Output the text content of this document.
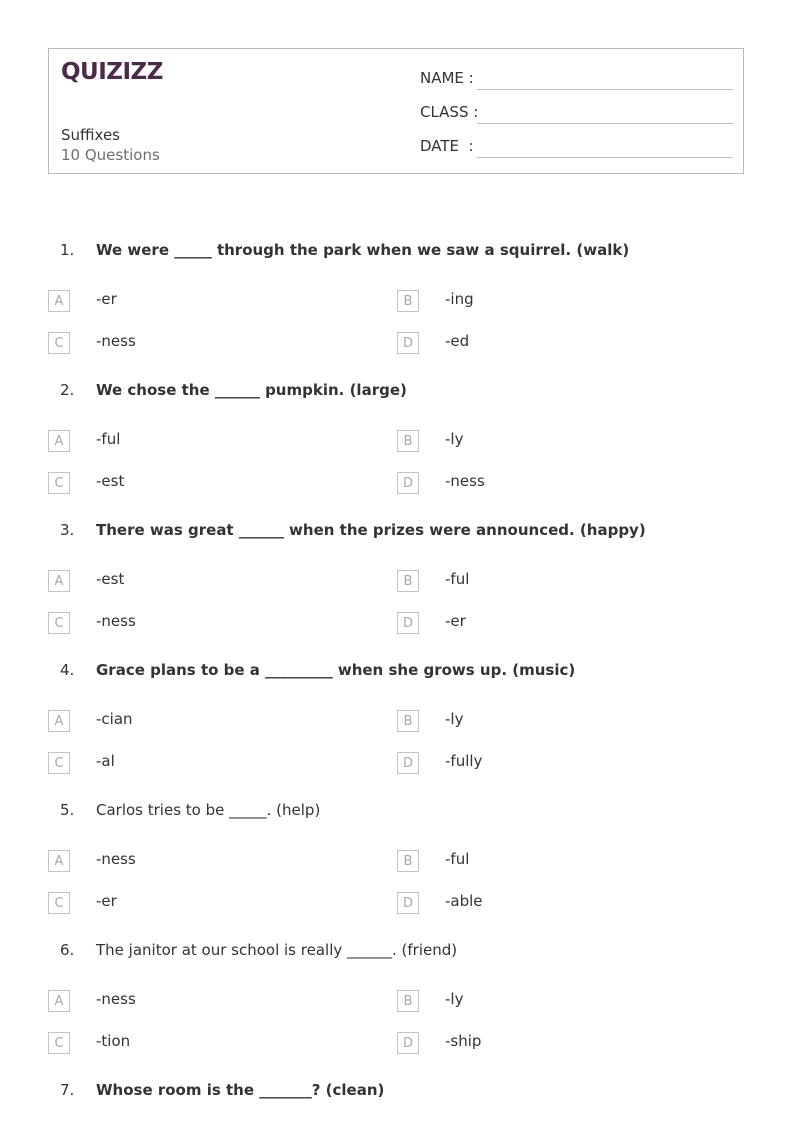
QUIZIZZ
Suffixes
10 Questions
NAME :
CLASS :
DATE  :
1. We were _____ through the park when we saw a squirrel. (walk)
A	-er	B	-ing
C	-ness	D	-ed
2. We chose the ______ pumpkin. (large)
A	-ful	B	-ly
C	-est	D	-ness
3. There was great ______ when the prizes were announced. (happy)
A	-est	B	-ful
C	-ness	D	-er
4. Grace plans to be a _________ when she grows up. (music)
A	-cian	B	-ly
C	-al	D	-fully
5. Carlos tries to be _____. (help)
A	-ness	B	-ful
C	-er	D	-able
6. The janitor at our school is really ______. (friend)
A	-ness	B	-ly
C	-tion	D	-ship
7. Whose room is the _______? (clean)
